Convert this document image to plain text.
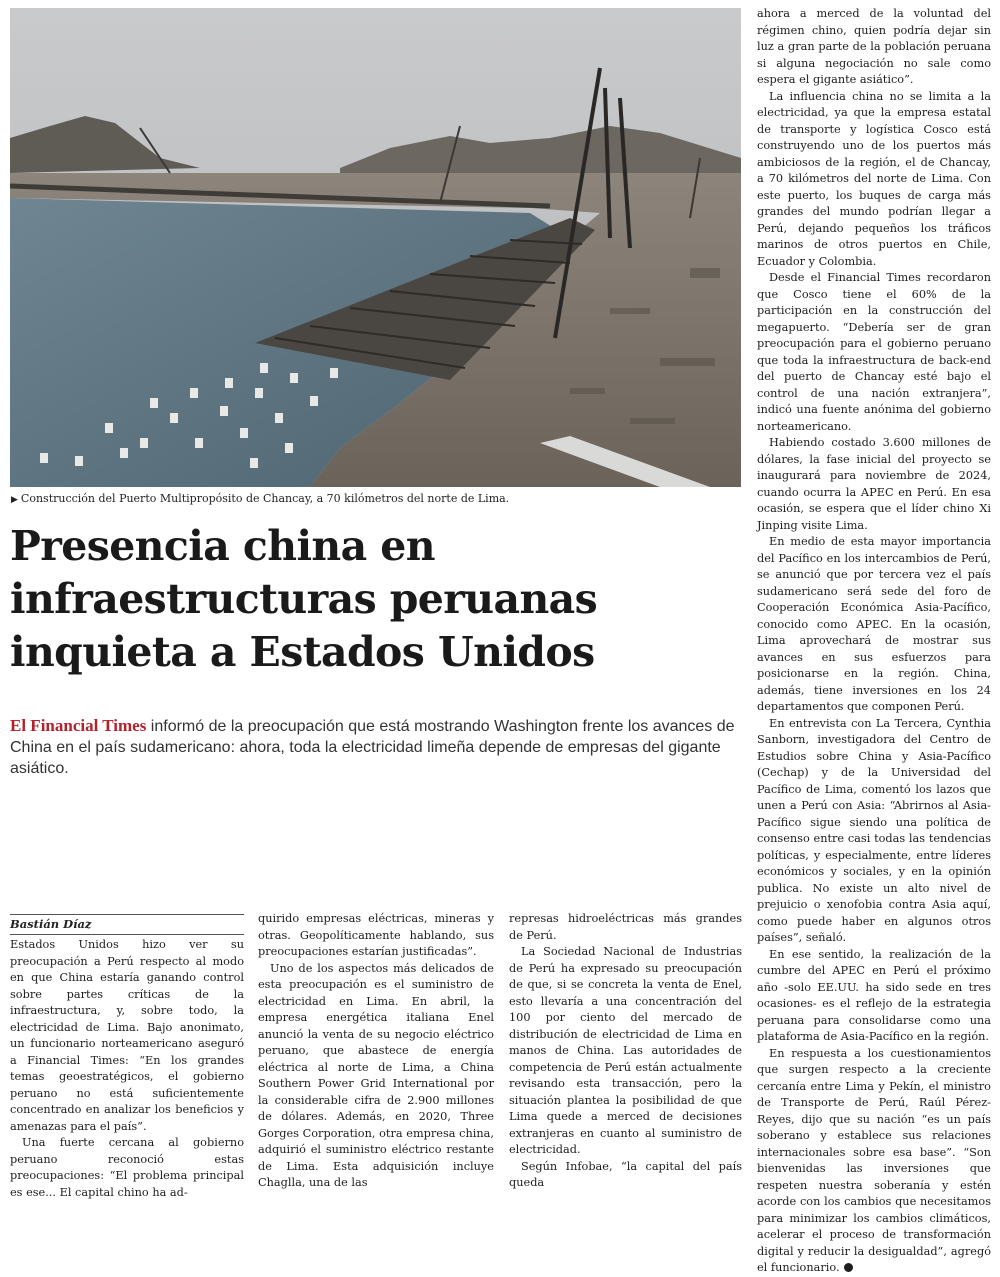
▶ Construcción del Puerto Multipropósito de Chancay, a 70 kilómetros del norte de Lima.
Presencia china en
infraestructuras peruanas
inquieta a Estados Unidos
El Financial Times informó de la preocupación que está mostrando Washington frente los avances de China en el país sudamericano: ahora, toda la electricidad limeña depende de empresas del gigante asiático.
Bastián Díaz

Estados Unidos hizo ver su preocupación a Perú respecto al modo en que China estaría ganando control sobre partes críticas de la infraestructura, y, sobre todo, la electricidad de Lima. Bajo anonimato, un funcionario norteamericano aseguró a Financial Times: “En los grandes temas geoestratégicos, el gobierno peruano no está suficientemente concentrado en analizar los beneficios y amenazas para el país”.

Una fuerte cercana al gobierno peruano reconoció estas preocupaciones: “El problema principal es ese... El capital chino ha ad-

quirido empresas eléctricas, mineras y otras. Geopolíticamente hablando, sus preocupaciones estarían justificadas”.

Uno de los aspectos más delicados de esta preocupación es el suministro de electricidad en Lima. En abril, la empresa energética italiana Enel anunció la venta de su negocio eléctrico peruano, que abastece de energía eléctrica al norte de Lima, a China Southern Power Grid International por la considerable cifra de 2.900 millones de dólares. Además, en 2020, Three Gorges Corporation, otra empresa china, adquirió el suministro eléctrico restante de Lima. Esta adquisición incluye Chaglla, una de las

represas hidroeléctricas más grandes de Perú.

La Sociedad Nacional de Industrias de Perú ha expresado su preocupación de que, si se concreta la venta de Enel, esto llevaría a una concentración del 100 por ciento del mercado de distribución de electricidad de Lima en manos de China. Las autoridades de competencia de Perú están actualmente revisando esta transacción, pero la situación plantea la posibilidad de que Lima quede a merced de decisiones extranjeras en cuanto al suministro de electricidad.

Según Infobae, “la capital del país queda

ahora a merced de la voluntad del régimen chino, quien podría dejar sin luz a gran parte de la población peruana si alguna negociación no sale como espera el gigante asiático”.

La influencia china no se limita a la electricidad, ya que la empresa estatal de transporte y logística Cosco está construyendo uno de los puertos más ambiciosos de la región, el de Chancay, a 70 kilómetros del norte de Lima. Con este puerto, los buques de carga más grandes del mundo podrían llegar a Perú, dejando pequeños los tráficos marinos de otros puertos en Chile, Ecuador y Colombia.

Desde el Financial Times recordaron que Cosco tiene el 60% de la participación en la construcción del megapuerto. “Debería ser de gran preocupación para el gobierno peruano que toda la infraestructura de back-end del puerto de Chancay esté bajo el control de una nación extranjera”, indicó una fuente anónima del gobierno norteamericano.

Habiendo costado 3.600 millones de dólares, la fase inicial del proyecto se inaugurará para noviembre de 2024, cuando ocurra la APEC en Perú. En esa ocasión, se espera que el líder chino Xi Jinping visite Lima.

En medio de esta mayor importancia del Pacífico en los intercambios de Perú, se anunció que por tercera vez el país sudamericano será sede del foro de Cooperación Económica Asia-Pacífico, conocido como APEC. En la ocasión, Lima aprovechará de mostrar sus avances en sus esfuerzos para posicionarse en la región. China, además, tiene inversiones en los 24 departamentos que componen Perú.

En entrevista con La Tercera, Cynthia Sanborn, investigadora del Centro de Estudios sobre China y Asia-Pacífico (Cechap) y de la Universidad del Pacífico de Lima, comentó los lazos que unen a Perú con Asia: “Abrirnos al Asia-Pacífico sigue siendo una política de consenso entre casi todas las tendencias políticas, y especialmente, entre líderes económicos y sociales, y en la opinión publica. No existe un alto nivel de prejuicio o xenofobia contra Asia aquí, como puede haber en algunos otros países”, señaló.

En ese sentido, la realización de la cumbre del APEC en Perú el próximo año -solo EE.UU. ha sido sede en tres ocasiones- es el reflejo de la estrategia peruana para consolidarse como una plataforma de Asia-Pacífico en la región.

En respuesta a los cuestionamientos que surgen respecto a la creciente cercanía entre Lima y Pekín, el ministro de Transporte de Perú, Raúl Pérez-Reyes, dijo que su nación “es un país soberano y establece sus relaciones internacionales sobre esa base”. “Son bienvenidas las inversiones que respeten nuestra soberanía y estén acorde con los cambios que necesitamos para minimizar los cambios climáticos, acelerar el proceso de transformación digital y reducir la desigualdad”, agregó el funcionario.
